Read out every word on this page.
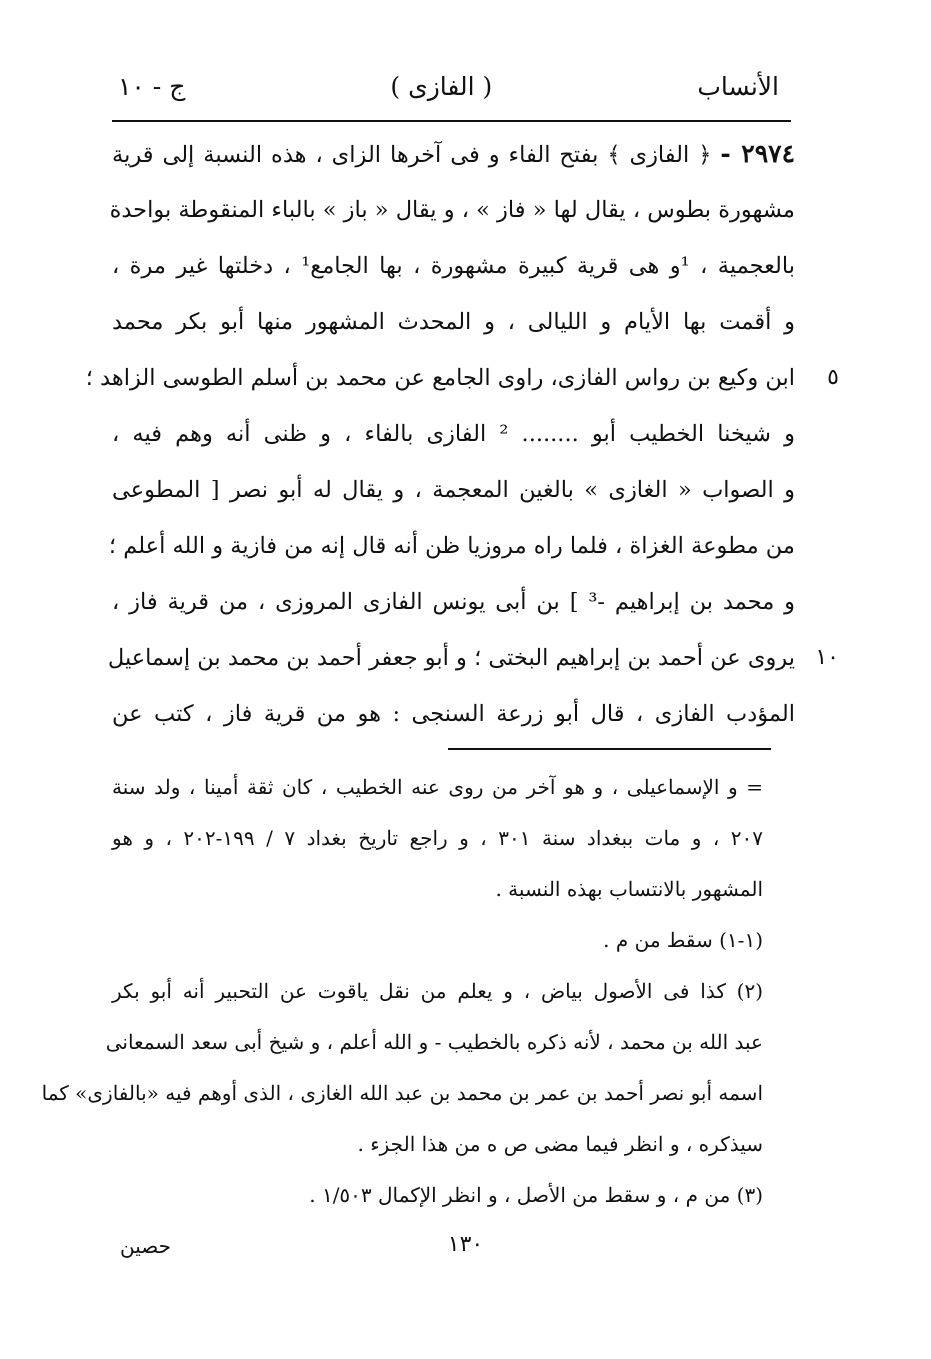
الأنساب
( الفازى )
ج - ١٠
٢٩٧٤ - ﴿ الفازى ﴾ بفتح الفاء و فى آخرها الزاى ، هذه النسبة إلى قرية
مشهورة بطوس ، يقال لها « فاز » ، و يقال « باز » بالباء المنقوطة بواحدة
بالعجمية ، ¹و هى قرية كبيرة مشهورة ، بها الجامع¹ ، دخلتها غير مرة ،
و أقمت بها الأيام و الليالى ، و المحدث المشهور منها أبو بكر محمد
٥
ابن وكيع بن رواس الفازى، راوى الجامع عن محمد بن أسلم الطوسى الزاهد ؛
و شيخنا الخطيب أبو ........ ² الفازى بالفاء ، و ظنى أنه وهم فيه ،
و الصواب « الغازى » بالغين المعجمة ، و يقال له أبو نصر [ المطوعى
من مطوعة الغزاة ، فلما راه مروزيا ظن أنه قال إنه من فازية و الله أعلم ؛
و محمد بن إبراهيم -³ ] بن أبى يونس الفازى المروزى ، من قرية فاز ،
١٠
يروى عن أحمد بن إبراهيم البختى ؛ و أبو جعفر أحمد بن محمد بن إسماعيل
المؤدب الفازى ، قال أبو زرعة السنجى : هو من قرية فاز ، كتب عن
= و الإسماعيلى ، و هو آخر من روى عنه الخطيب ، كان ثقة أمينا ، ولد سنة
٢٠٧ ، و مات ببغداد سنة ٣٠١ ، و راجع تاريخ بغداد ٧ / ١٩٩-٢٠٢ ، و هو
المشهور بالانتساب بهذه النسبة .
(١-١) سقط من م .
(٢) كذا فى الأصول بياض ، و يعلم من نقل ياقوت عن التحبير أنه أبو بكر
عبد الله بن محمد ، لأنه ذكره بالخطيب - و الله أعلم ، و شيخ أبى سعد السمعانى
اسمه أبو نصر أحمد بن عمر بن محمد بن عبد الله الغازى ، الذى أوهم فيه «بالفازى» كما
سيذكره ، و انظر فيما مضى ص ه من هذا الجزء .
(٣) من م ، و سقط من الأصل ، و انظر الإكمال ١/٥٠٣ .
١٣٠
حصين
